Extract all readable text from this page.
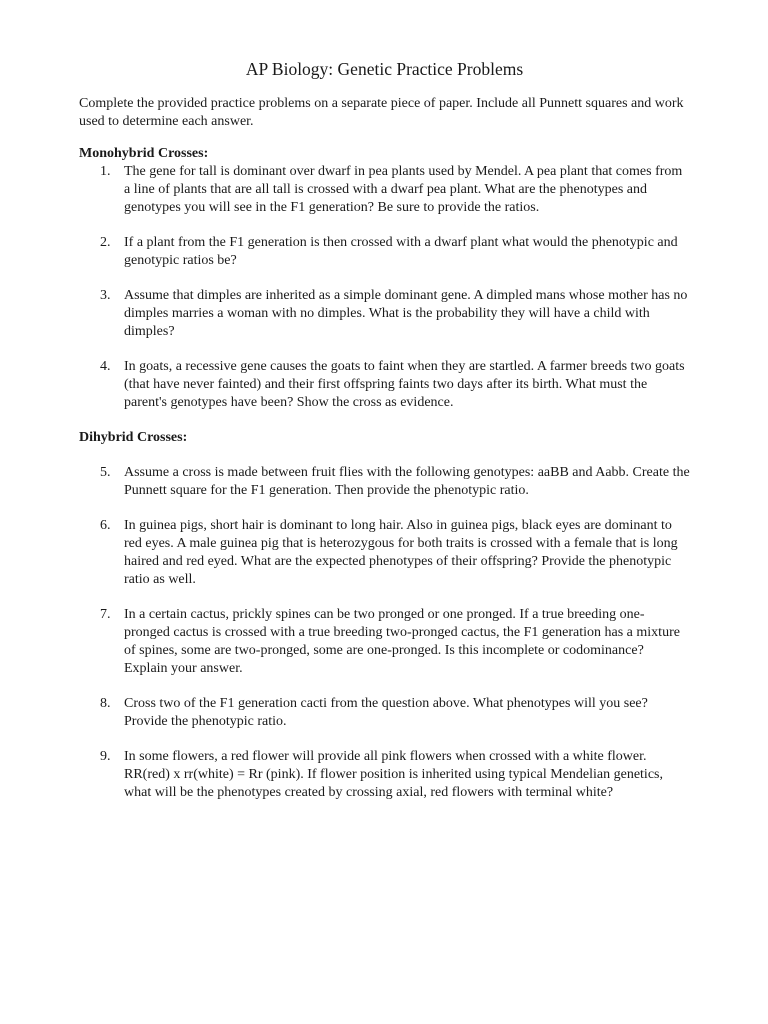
AP Biology: Genetic Practice Problems

Complete the provided practice problems on a separate piece of paper. Include all Punnett squares and work used to determine each answer.

Monohybrid Crosses:
1. The gene for tall is dominant over dwarf in pea plants used by Mendel. A pea plant that comes from a line of plants that are all tall is crossed with a dwarf pea plant. What are the phenotypes and genotypes you will see in the F1 generation? Be sure to provide the ratios.
2. If a plant from the F1 generation is then crossed with a dwarf plant what would the phenotypic and genotypic ratios be?
3. Assume that dimples are inherited as a simple dominant gene. A dimpled mans whose mother has no dimples marries a woman with no dimples. What is the probability they will have a child with dimples?
4. In goats, a recessive gene causes the goats to faint when they are startled. A farmer breeds two goats (that have never fainted) and their first offspring faints two days after its birth. What must the parent's genotypes have been? Show the cross as evidence.
Dihybrid Crosses:
5. Assume a cross is made between fruit flies with the following genotypes: aaBB and Aabb. Create the Punnett square for the F1 generation. Then provide the phenotypic ratio.
6. In guinea pigs, short hair is dominant to long hair. Also in guinea pigs, black eyes are dominant to red eyes. A male guinea pig that is heterozygous for both traits is crossed with a female that is long haired and red eyed. What are the expected phenotypes of their offspring? Provide the phenotypic ratio as well.
7. In a certain cactus, prickly spines can be two pronged or one pronged. If a true breeding one-pronged cactus is crossed with a true breeding two-pronged cactus, the F1 generation has a mixture of spines, some are two-pronged, some are one-pronged. Is this incomplete or codominance? Explain your answer.
8. Cross two of the F1 generation cacti from the question above. What phenotypes will you see? Provide the phenotypic ratio.
9. In some flowers, a red flower will provide all pink flowers when crossed with a white flower. RR(red) x rr(white) = Rr (pink). If flower position is inherited using typical Mendelian genetics, what will be the phenotypes created by crossing axial, red flowers with terminal white?
